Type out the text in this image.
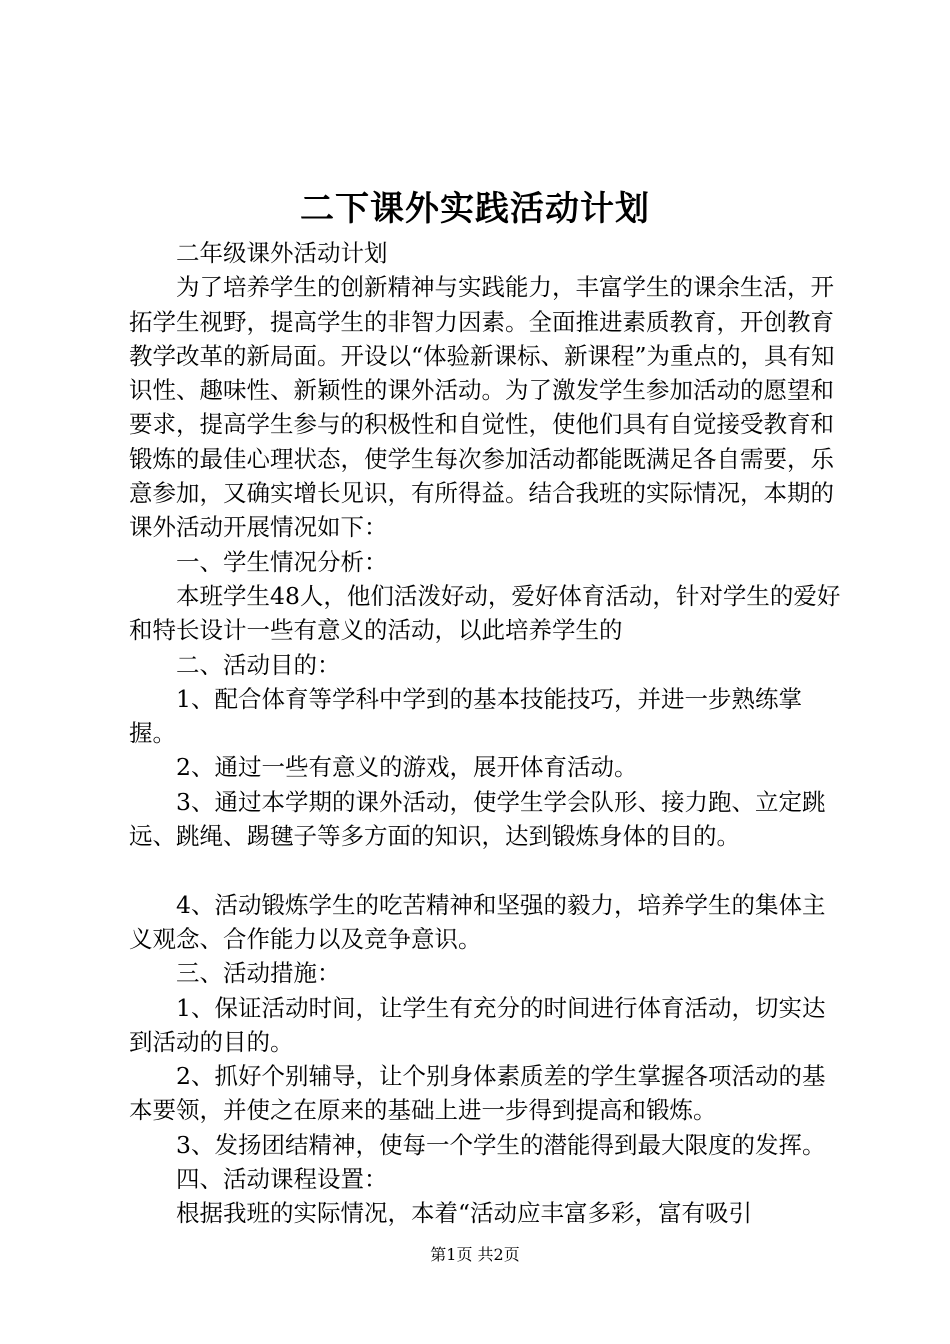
二下课外实践活动计划

二年级课外活动计划

为了培养学生的创新精神与实践能力，丰富学生的课余生活，开拓学生视野，提高学生的非智力因素。全面推进素质教育，开创教育教学改革的新局面。开设以“体验新课标、新课程”为重点的，具有知识性、趣味性、新颖性的课外活动。为了激发学生参加活动的愿望和要求，提高学生参与的积极性和自觉性，使他们具有自觉接受教育和锻炼的最佳心理状态，使学生每次参加活动都能既满足各自需要，乐意参加，又确实增长见识，有所得益。结合我班的实际情况，本期的课外活动开展情况如下：

一、学生情况分析：

本班学生48人，他们活泼好动，爱好体育活动，针对学生的爱好和特长设计一些有意义的活动，以此培养学生的

二、活动目的：

1、配合体育等学科中学到的基本技能技巧，并进一步熟练掌握。

2、通过一些有意义的游戏，展开体育活动。

3、通过本学期的课外活动，使学生学会队形、接力跑、立定跳远、跳绳、踢毽子等多方面的知识，达到锻炼身体的目的。

4、活动锻炼学生的吃苦精神和坚强的毅力，培养学生的集体主义观念、合作能力以及竞争意识。

三、活动措施：

1、保证活动时间，让学生有充分的时间进行体育活动，切实达到活动的目的。

2、抓好个别辅导，让个别身体素质差的学生掌握各项活动的基本要领，并使之在原来的基础上进一步得到提高和锻炼。

3、发扬团结精神，使每一个学生的潜能得到最大限度的发挥。

四、活动课程设置：

根据我班的实际情况，本着“活动应丰富多彩，富有吸引

第1页 共2页
